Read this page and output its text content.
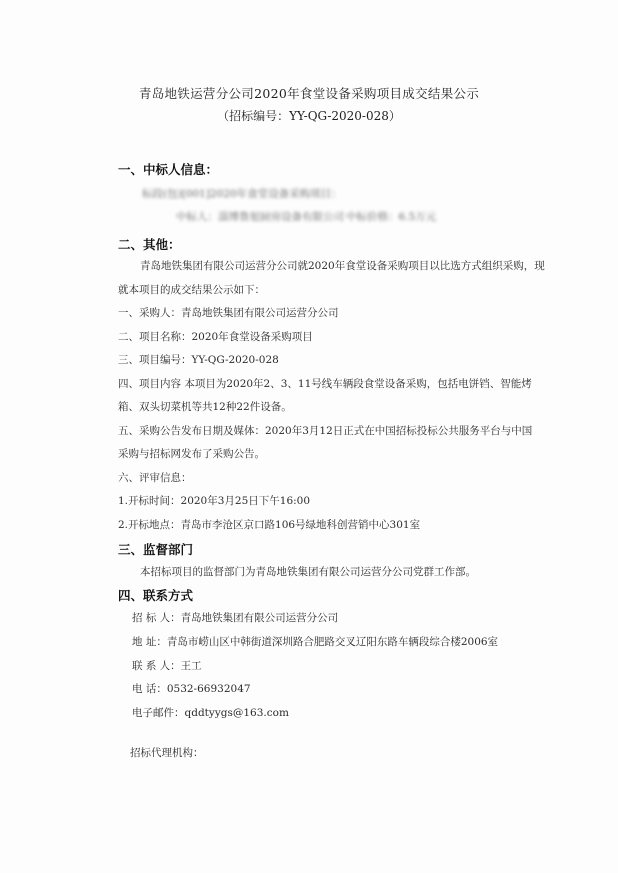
青岛地铁运营分公司2020年食堂设备采购项目成交结果公示
（招标编号：YY-QG-2020-028）
一、中标人信息：
标段(包)[001]2020年食堂设备采购项目：
中标人：淄博鲁旭厨房设备有限公司 中标价格：6.5万元
二、其他：
青岛地铁集团有限公司运营分公司就2020年食堂设备采购项目以比选方式组织采购，现
就本项目的成交结果公示如下：
一、采购人：青岛地铁集团有限公司运营分公司
二、项目名称：2020年食堂设备采购项目
三、项目编号：YY-QG-2020-028
四、项目内容 本项目为2020年2、3、11号线车辆段食堂设备采购，包括电饼铛、智能烤
箱、双头切菜机等共12种22件设备。
五、采购公告发布日期及媒体：2020年3月12日正式在中国招标投标公共服务平台与中国
采购与招标网发布了采购公告。
六、评审信息：
1.开标时间：2020年3月25日下午16:00
2.开标地点：青岛市李沧区京口路106号绿地科创营销中心301室
三、监督部门
本招标项目的监督部门为青岛地铁集团有限公司运营分公司党群工作部。
四、联系方式
招 标 人：青岛地铁集团有限公司运营分公司
地 址：青岛市崂山区中韩街道深圳路合肥路交叉辽阳东路车辆段综合楼2006室
联 系 人：王工
电 话：0532-66932047
电子邮件：qddtyygs@163.com
招标代理机构：
